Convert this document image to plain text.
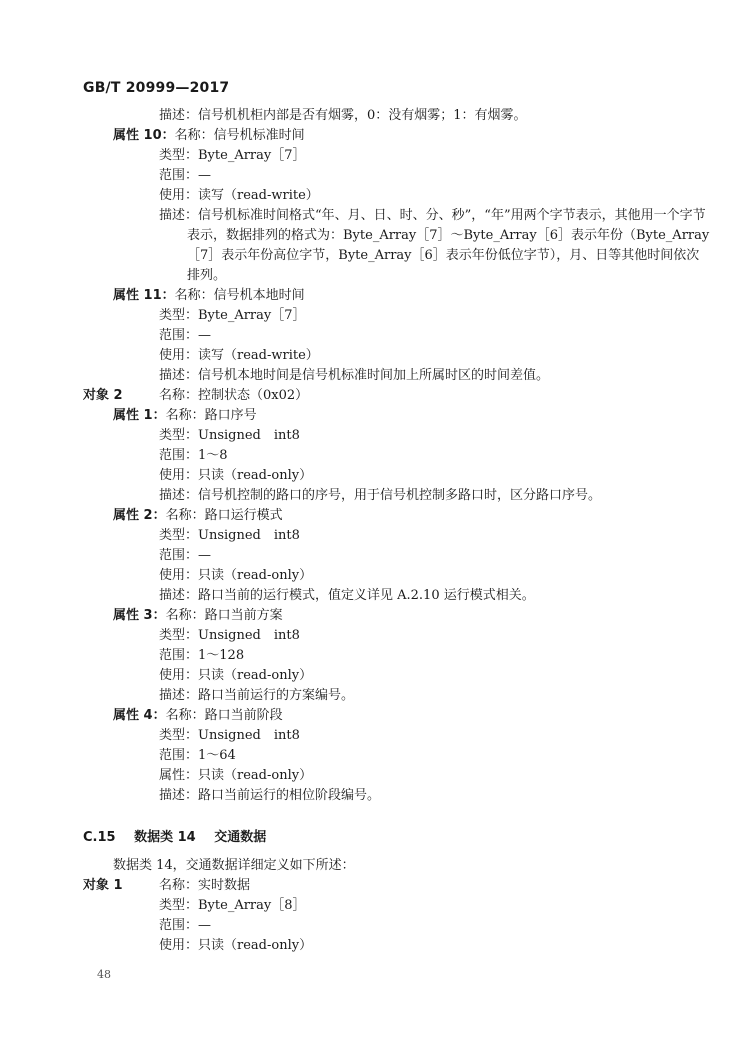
GB/T 20999—2017
描述：信号机机柜内部是否有烟雾，0：没有烟雾；1：有烟雾。
属性 10：名称：信号机标准时间
类型：Byte_Array［7］
范围：—
使用：读写（read-write）
描述：信号机标准时间格式“年、月、日、时、分、秒”，“年”用两个字节表示，其他用一个字节
表示，数据排列的格式为：Byte_Array［7］～Byte_Array［6］表示年份（Byte_Array
［7］表示年份高位字节，Byte_Array［6］表示年份低位字节），月、日等其他时间依次
排列。
属性 11：名称：信号机本地时间
类型：Byte_Array［7］
范围：—
使用：读写（read-write）
描述：信号机本地时间是信号机标准时间加上所属时区的时间差值。
对象 2	名称：控制状态（0x02）
属性 1：名称：路口序号
类型：Unsigned　int8
范围：1～8
使用：只读（read-only）
描述：信号机控制的路口的序号，用于信号机控制多路口时，区分路口序号。
属性 2：名称：路口运行模式
类型：Unsigned　int8
范围：—
使用：只读（read-only）
描述：路口当前的运行模式，值定义详见 A.2.10 运行模式相关。
属性 3：名称：路口当前方案
类型：Unsigned　int8
范围：1～128
使用：只读（read-only）
描述：路口当前运行的方案编号。
属性 4：名称：路口当前阶段
类型：Unsigned　int8
范围：1～64
属性：只读（read-only）
描述：路口当前运行的相位阶段编号。
数据类 14，交通数据详细定义如下所述：
对象 1	名称：实时数据
类型：Byte_Array［8］
范围：—
使用：只读（read-only）
C.15 数据类 14 交通数据
48
